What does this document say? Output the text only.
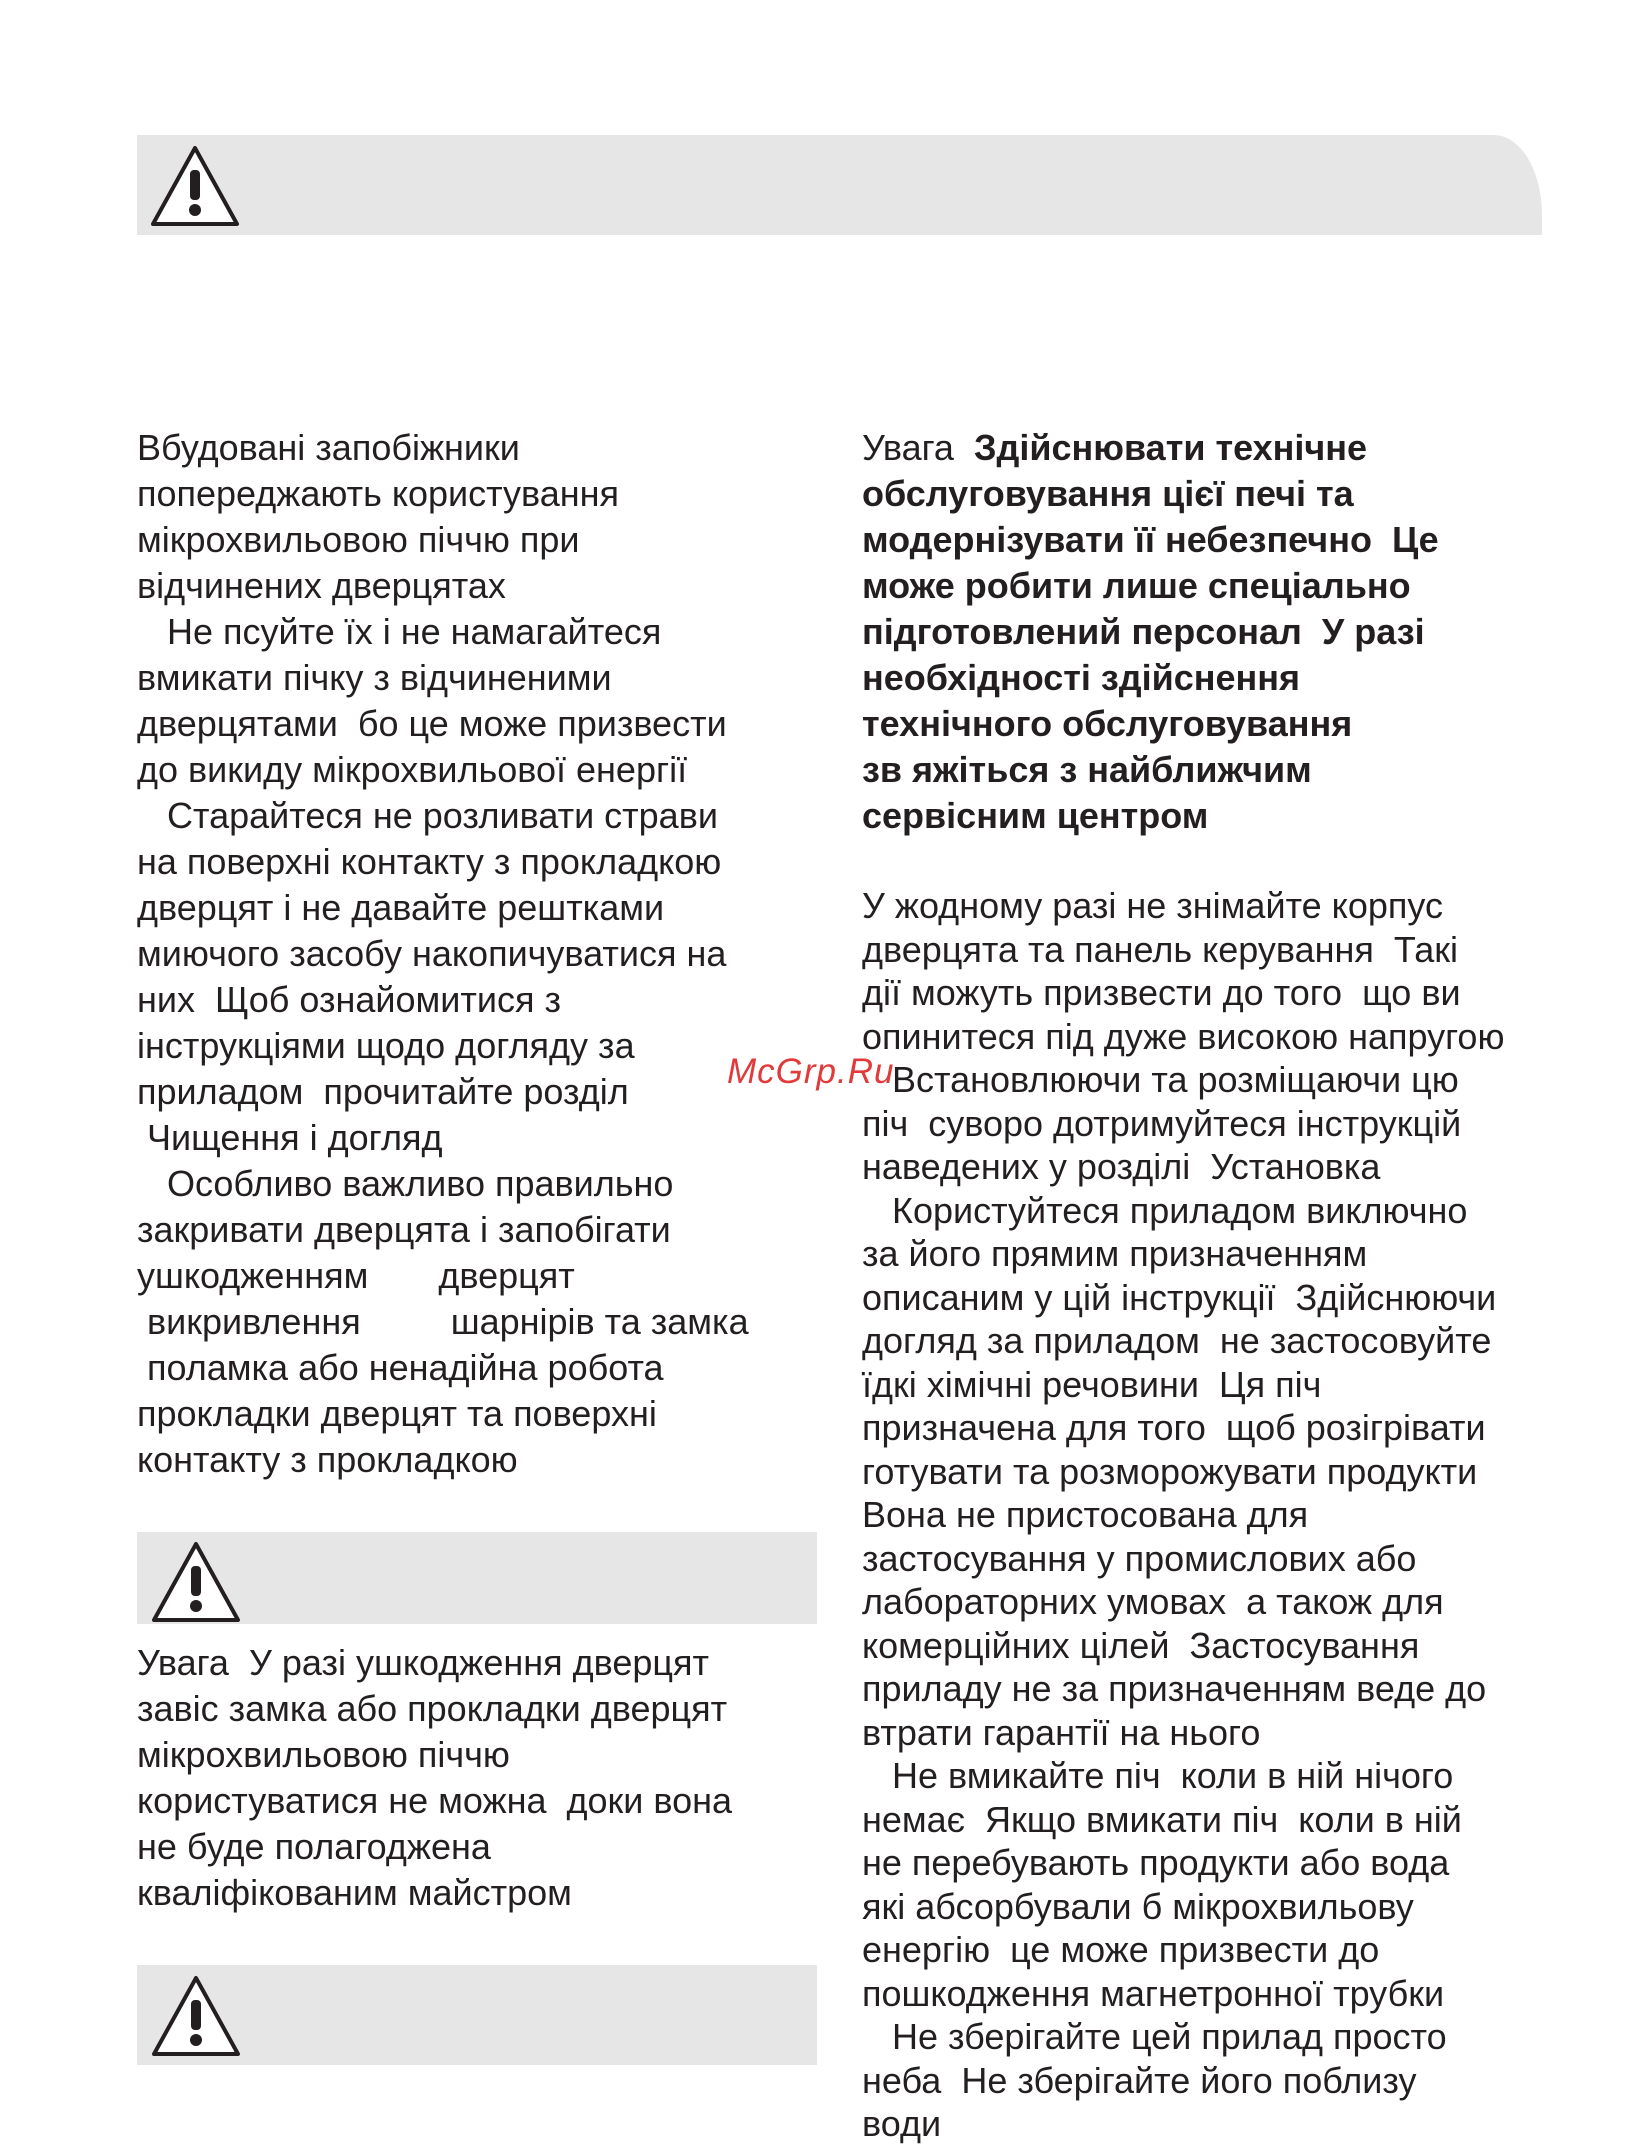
Вбудовані запобіжники

попереджають користування

мікрохвильовою піччю при

відчинених дверцятах

Не псуйте їх і не намагайтеся

вмикати пічку з відчиненими

дверцятами  бо це може призвести

до викиду мікрохвильової енергії

Старайтеся не розливати страви

на поверхні контакту з прокладкою

дверцят і не давайте рештками

миючого засобу накопичуватися на

них  Щоб ознайомитися з

інструкціями щодо догляду за

приладом  прочитайте розділ

Чищення і догляд

Особливо важливо правильно

закривати дверцята і запобігати

ушкодженням       дверцят

викривлення         шарнірів та замка

поламка або ненадійна робота

прокладки дверцят та поверхні

контакту з прокладкою

Увага  У разі ушкодження дверцят

завіс замка або прокладки дверцят

мікрохвильовою піччю

користуватися не можна  доки вона

не буде полагоджена

кваліфікованим майстром

Увага  Здійснювати технічне

обслуговування цієї печі та

модернізувати її небезпечно  Це

може робити лише спеціально

підготовлений персонал  У разі

необхідності здійснення

технічного обслуговування

зв яжіться з найближчим

сервісним центром

У жодному разі не знімайте корпус

дверцята та панель керування  Такі

дії можуть призвести до того  що ви

опинитеся під дуже високою напругою

Встановлюючи та розміщаючи цю

піч  суворо дотримуйтеся інструкцій

наведених у розділі  Установка

Користуйтеся приладом виключно

за його прямим призначенням

описаним у цій інструкції  Здійснюючи

догляд за приладом  не застосовуйте

їдкі хімічні речовини  Ця піч

призначена для того  щоб розігрівати

готувати та розморожувати продукти

Вона не пристосована для

застосування у промислових або

лабораторних умовах  а також для

комерційних цілей  Застосування

приладу не за призначенням веде до

втрати гарантії на нього

Не вмикайте піч  коли в ній нічого

немає  Якщо вмикати піч  коли в ній

не перебувають продукти або вода

які абсорбували б мікрохвильову

енергію  це може призвести до

пошкодження магнетронної трубки

Не зберігайте цей прилад просто

неба  Не зберігайте його поблизу

води

McGrp.Ru
